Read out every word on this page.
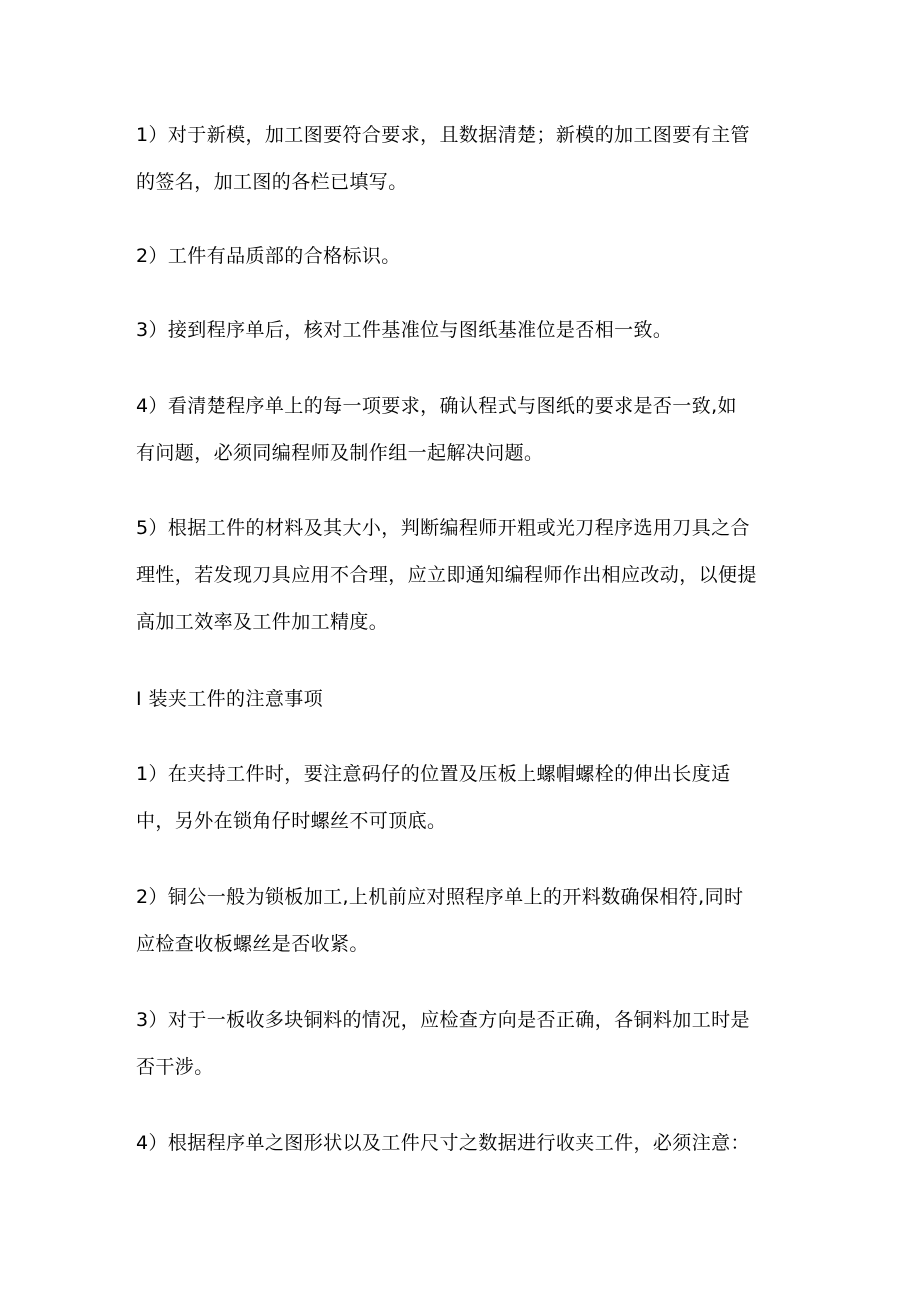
1）对于新模，加工图要符合要求，且数据清楚；新模的加工图要有主管
的签名，加工图的各栏已填写。

2）工件有品质部的合格标识。

3）接到程序单后，核对工件基准位与图纸基准位是否相一致。

4）看清楚程序单上的每一项要求，确认程式与图纸的要求是否一致,如
有问题，必须同编程师及制作组一起解决问题。

5）根据工件的材料及其大小，判断编程师开粗或光刀程序选用刀具之合
理性，若发现刀具应用不合理，应立即通知编程师作出相应改动，以便提
高加工效率及工件加工精度。

I 装夹工件的注意事项

1）在夹持工件时，要注意码仔的位置及压板上螺帽螺栓的伸出长度适
中，另外在锁角仔时螺丝不可顶底。

2）铜公一般为锁板加工,上机前应对照程序单上的开料数确保相符,同时
应检查收板螺丝是否收紧。

3）对于一板收多块铜料的情况，应检查方向是否正确，各铜料加工时是
否干涉。

4）根据程序单之图形状以及工件尺寸之数据进行收夹工件，必须注意：
